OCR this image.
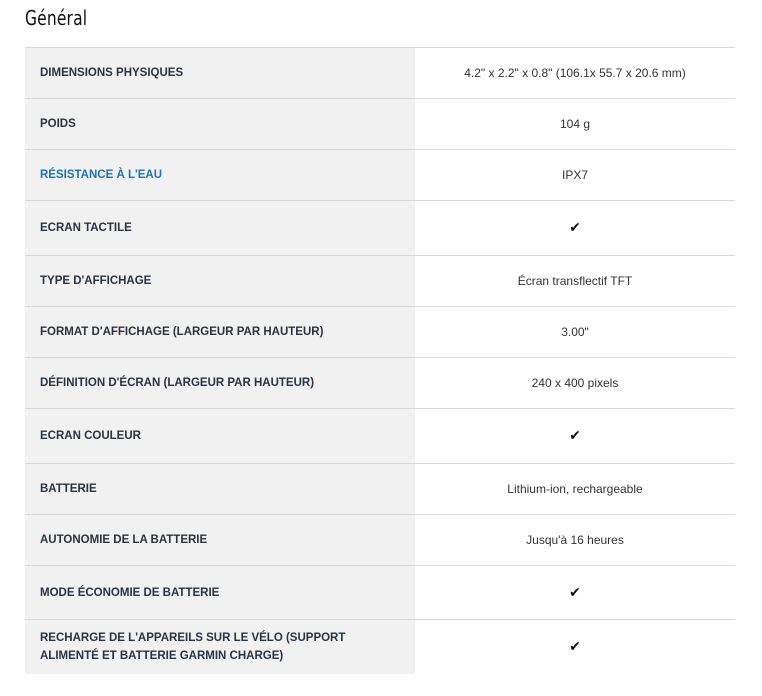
Général
DIMENSIONS PHYSIQUES	4.2" x 2.2" x 0.8" (106.1x 55.7 x 20.6 mm)
POIDS	104 g
RÉSISTANCE À L'EAU	IPX7
ECRAN TACTILE	✔
TYPE D'AFFICHAGE	Écran transflectif TFT
FORMAT D'AFFICHAGE (LARGEUR PAR HAUTEUR)	3.00"
DÉFINITION D'ÉCRAN (LARGEUR PAR HAUTEUR)	240 x 400 pixels
ECRAN COULEUR	✔
BATTERIE	Lithium-ion, rechargeable
AUTONOMIE DE LA BATTERIE	Jusqu'à 16 heures
MODE ÉCONOMIE DE BATTERIE	✔
RECHARGE DE L'APPAREILS SUR LE VÉLO (SUPPORT ALIMENTÉ ET BATTERIE GARMIN CHARGE)	✔
